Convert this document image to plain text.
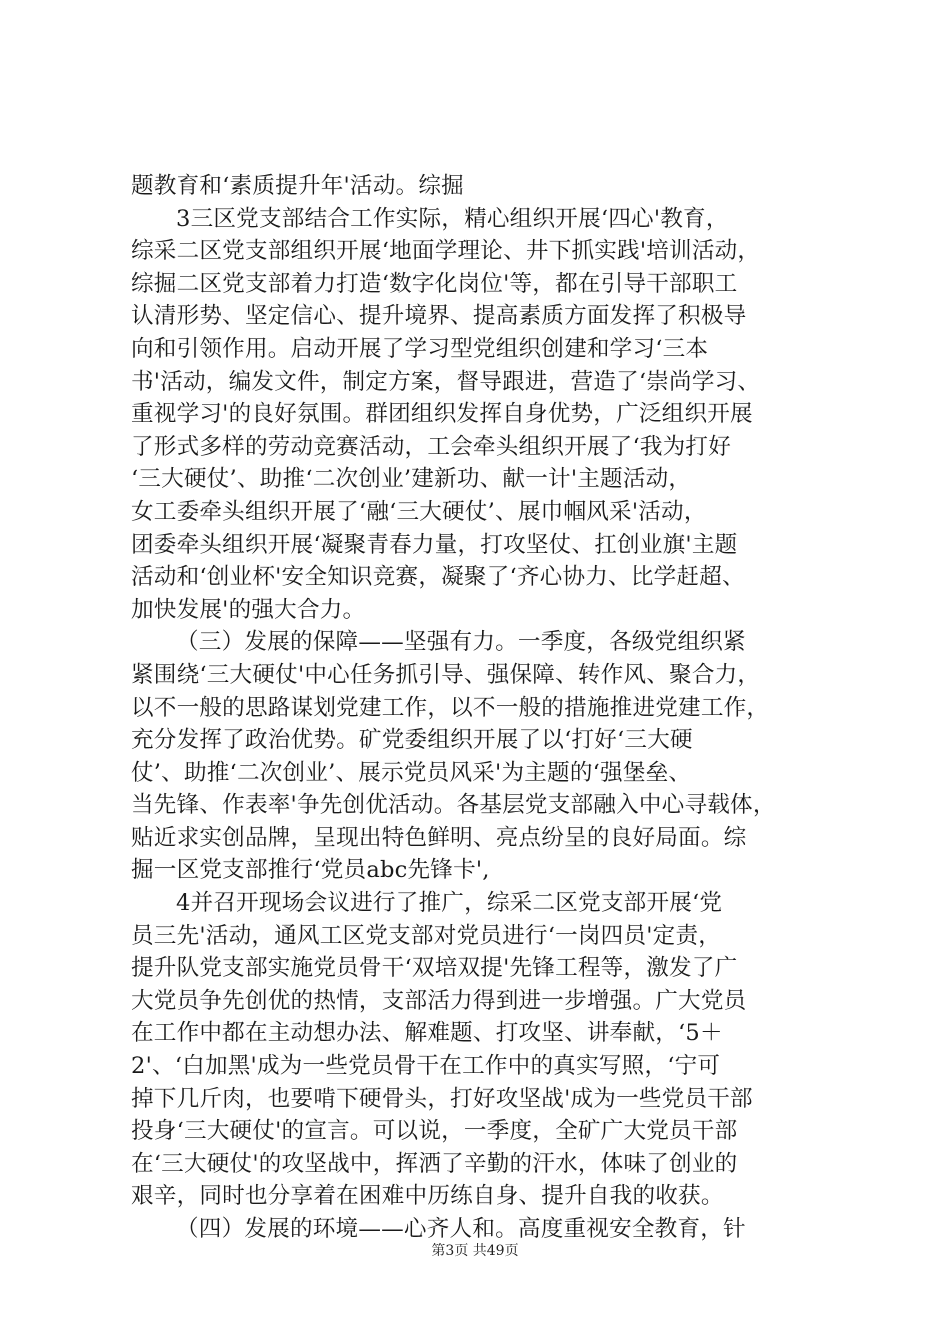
题教育和‘素质提升年'活动。综掘
3三区党支部结合工作实际，精心组织开展‘四心'教育，
综采二区党支部组织开展‘地面学理论、井下抓实践'培训活动，
综掘二区党支部着力打造‘数字化岗位'等，都在引导干部职工
认清形势、坚定信心、提升境界、提高素质方面发挥了积极导
向和引领作用。启动开展了学习型党组织创建和学习‘三本
书'活动，编发文件，制定方案，督导跟进，营造了‘崇尚学习、
重视学习'的良好氛围。群团组织发挥自身优势，广泛组织开展
了形式多样的劳动竞赛活动，工会牵头组织开展了‘我为打好
‘三大硬仗’、助推‘二次创业’建新功、献一计'主题活动，
女工委牵头组织开展了‘融‘三大硬仗’、展巾帼风采'活动，
团委牵头组织开展‘凝聚青春力量，打攻坚仗、扛创业旗'主题
活动和‘创业杯'安全知识竞赛，凝聚了‘齐心协力、比学赶超、
加快发展'的强大合力。
（三）发展的保障——坚强有力。一季度，各级党组织紧
紧围绕‘三大硬仗'中心任务抓引导、强保障、转作风、聚合力，
以不一般的思路谋划党建工作，以不一般的措施推进党建工作，
充分发挥了政治优势。矿党委组织开展了以‘打好‘三大硬
仗’、助推‘二次创业’、展示党员风采'为主题的‘强堡垒、
当先锋、作表率'争先创优活动。各基层党支部融入中心寻载体，
贴近求实创品牌，呈现出特色鲜明、亮点纷呈的良好局面。综
掘一区党支部推行‘党员abc先锋卡',
4并召开现场会议进行了推广，综采二区党支部开展‘党
员三先'活动，通风工区党支部对党员进行‘一岗四员'定责，
提升队党支部实施党员骨干‘双培双提'先锋工程等，激发了广
大党员争先创优的热情，支部活力得到进一步增强。广大党员
在工作中都在主动想办法、解难题、打攻坚、讲奉献，‘5＋
2'、‘白加黑'成为一些党员骨干在工作中的真实写照，‘宁可
掉下几斤肉，也要啃下硬骨头，打好攻坚战'成为一些党员干部
投身‘三大硬仗'的宣言。可以说，一季度，全矿广大党员干部
在‘三大硬仗'的攻坚战中，挥洒了辛勤的汗水，体味了创业的
艰辛，同时也分享着在困难中历练自身、提升自我的收获。
（四）发展的环境——心齐人和。高度重视安全教育，针
第3页 共49页
